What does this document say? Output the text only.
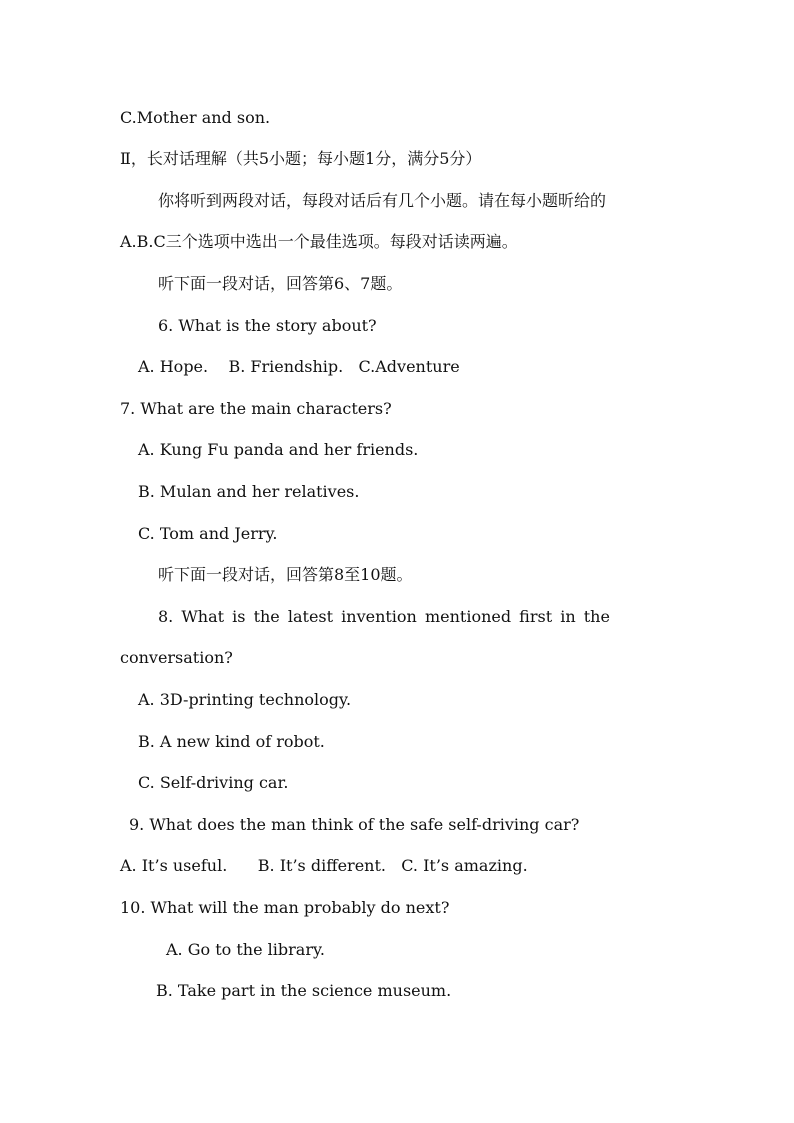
C.Mother and son.

Ⅱ，长对话理解（共5小题；每小题1分，满分5分）

你将听到两段对话，每段对话后有几个小题。请在每小题昕给的

A.B.C三个选项中选出一个最佳选项。每段对话读两遍。

听下面一段对话，回答第6、7题。

6. What is the story about?

A. Hope.    B. Friendship.   C.Adventure

7. What are the main characters?

A. Kung Fu panda and her friends.

B. Mulan and her relatives.

C. Tom and Jerry.

听下面一段对话，回答第8至10题。

8. What is the latest invention mentioned first in the

conversation?

A. 3D-printing technology.

B. A new kind of robot.

C. Self-driving car.

9. What does the man think of the safe self-driving car?

A. It’s useful.      B. It’s different.   C. It’s amazing.

10. What will the man probably do next?

A. Go to the library.

B. Take part in the science museum.
